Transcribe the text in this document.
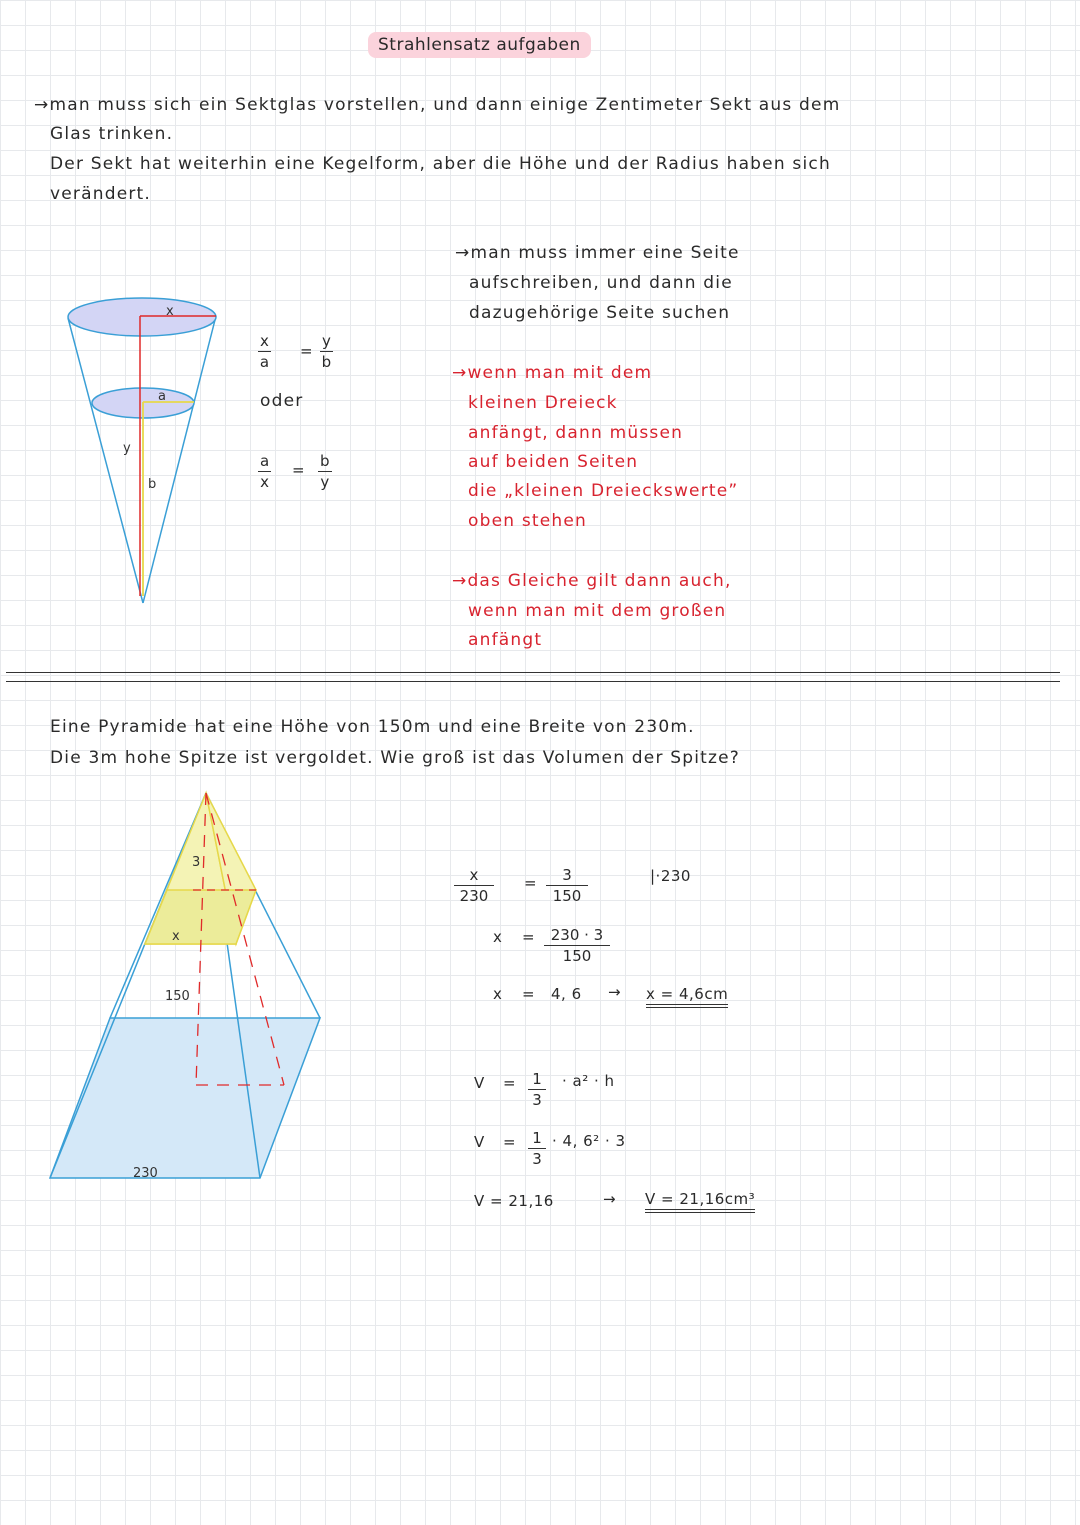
Strahlensatz aufgaben
→man muss sich ein Sektglas vorstellen, und dann einige Zentimeter Sekt aus dem
Glas trinken.
Der Sekt hat weiterhin eine Kegelform, aber die Höhe und der Radius haben sich
verändert.
→man muss immer eine Seite
aufschreiben, und dann die
dazugehörige Seite suchen
→wenn man mit dem
kleinen Dreieck
anfängt, dann müssen
auf beiden Seiten
die „kleinen Dreieckswerte”
oben stehen
→das Gleiche gilt dann auch,
wenn man mit dem großen
anfängt
$\frac{x}{a} = \frac{y}{b}$
oder
$\frac{a}{x} = \frac{b}{y}$
Eine Pyramide hat eine Höhe von 150m und eine Breite von 230m.
Die 3m hohe Spitze ist vergoldet. Wie groß ist das Volumen der Spitze?
x
a
y
b
3
x
150
230
$\frac{x}{230} = \frac{3}{150}$	|·230
$x = \frac{230 \cdot 3}{150}$
x = 4, 6 → x = 4,6cm
$V = \frac{1}{3} \cdot a^2 \cdot h$
$V = \frac{1}{3} \cdot 4$, 6² · 3
V = 21,16	→ V = 21,16cm³
